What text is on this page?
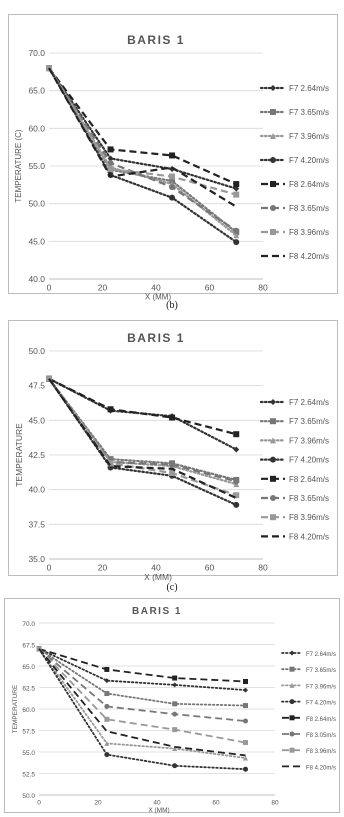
BARIS 1
40.0
45.0
50.0
55.0
60.0
65.0
70.0
0	20	40	60	80
X (MM)
TEMPERATURE (C)
F7 2.64m/s
F7 3.65m/s
F7 3.96m/s
F7 4.20m/s
F8 2.64m/s
F8 3.65m/s
F8 3.96m/s
F8 4.20m/s
(b)
BARIS 1
35.0
37.5
40.0
42.5
45.0
47.5
50.0
0	20	40	60	80
X (MM)
TEMPERATURE
F7 2.64m/s
F7 3.65m/s
F7 3.96m/s
F7 4.20m/s
F8 2.64m/s
F8 3.65m/s
F8 3.96m/s
F8 4.20m/s
(c)
BARIS 1
50.0
52.5
55.0
57.5
60.0
62.5
65.0
67.5
70.0
0	20	40	60	80
X (MM)
TEMPERATURE
F7 2.64m/s
F7 3.65m/s
F7 3.96m/s
F7 4.20m/s
F8 2.64m/s
F8 3.05m/s
F8 3.96m/s
F8 4.20m/s
